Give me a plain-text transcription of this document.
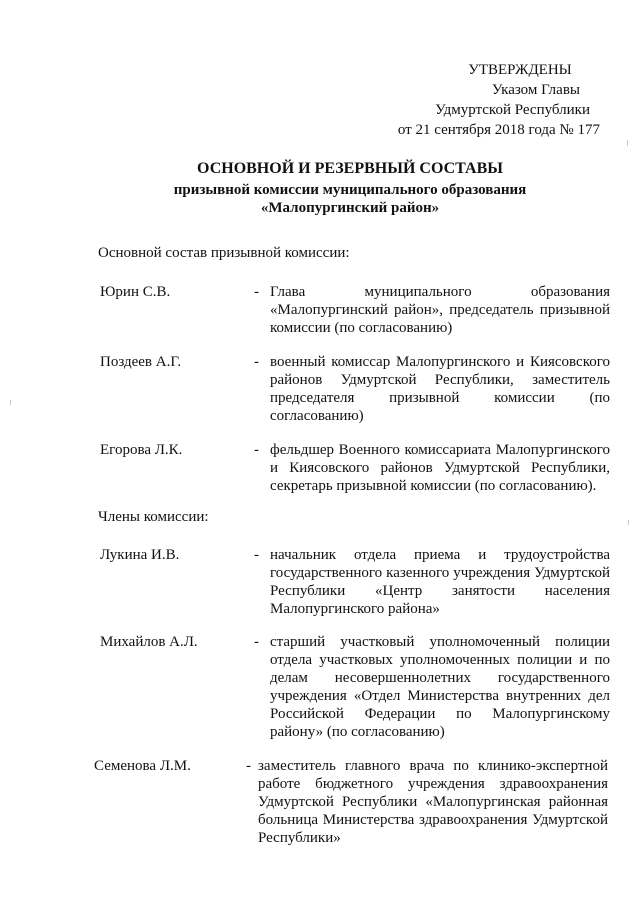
УТВЕРЖДЕНЫ
Указом Главы
Удмуртской Республики
от 21 сентября 2018 года № 177
ОСНОВНОЙ И РЕЗЕРВНЫЙ СОСТАВЫ
призывной комиссии муниципального образования
«Малопургинский район»
Основной состав призывной комиссии:
Юрин С.В.	- Глава муниципального образования «Малопургинский район», председатель призывной комиссии (по согласованию)
Поздеев А.Г.	- военный комиссар Малопургинского и Киясовского районов Удмуртской Республики, заместитель председателя призывной комиссии (по согласованию)
Егорова Л.К.	- фельдшер Военного комиссариата Малопургинского и Киясовского районов Удмуртской Республики, секретарь призывной комиссии (по согласованию).
Члены комиссии:
Лукина И.В.	- начальник отдела приема и трудоустройства государственного казенного учреждения Удмуртской Республики «Центр занятости населения Малопургинского района»
Михайлов А.Л.	- старший участковый уполномоченный полиции отдела участковых уполномоченных полиции и по делам несовершеннолетних государственного учреждения «Отдел Министерства внутренних дел Российской Федерации по Малопургинскому району» (по согласованию)
Семенова Л.М.	- заместитель главного врача по клинико-экспертной работе бюджетного учреждения здравоохранения Удмуртской Республики «Малопургинская районная больница Министерства здравоохранения Удмуртской Республики»
